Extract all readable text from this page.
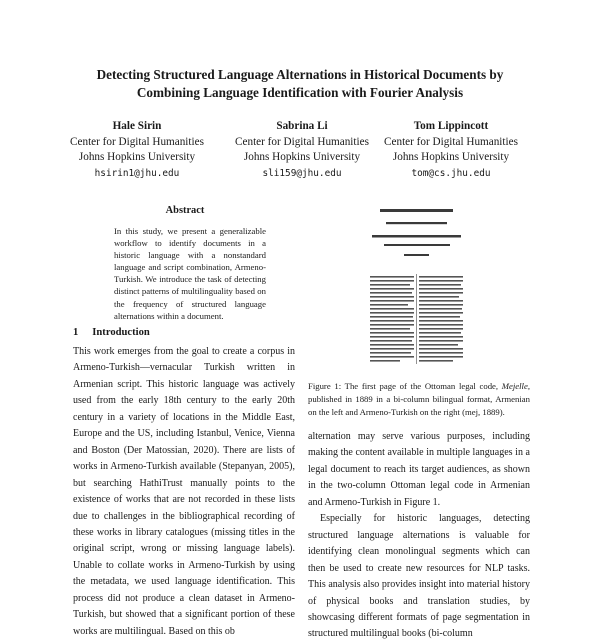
Detecting Structured Language Alternations in Historical Documents by
Combining Language Identification with Fourier Analysis
Hale Sirin
Center for Digital Humanities
Johns Hopkins University
hsirin1@jhu.edu
Sabrina Li
Center for Digital Humanities
Johns Hopkins University
sli159@jhu.edu
Tom Lippincott
Center for Digital Humanities
Johns Hopkins University
tom@cs.jhu.edu
Abstract
In this study, we present a generalizable workflow to identify documents in a historic language with a nonstandard language and script combination, Armeno-Turkish. We introduce the task of detecting distinct patterns of multilinguality based on the frequency of structured language alternations within a document.
1 Introduction
This work emerges from the goal to create a corpus in Armeno-Turkish—vernacular Turkish written in Armenian script. This historic language was actively used from the early 18th century to the early 20th century in a variety of locations in the Middle East, Europe and the US, including Istanbul, Venice, Vienna and Boston (Der Matossian, 2020). There are lists of works in Armeno-Turkish available (Stepanyan, 2005), but searching HathiTrust manually points to the existence of works that are not recorded in these lists due to challenges in the bibliographical recording of these works in library catalogues (missing titles in the original script, wrong or missing language labels). Unable to collate works in Armeno-Turkish by using the metadata, we used language identification. This process did not produce a clean dataset in Armeno-Turkish, but showed that a significant portion of these works are multilingual. Based on this ob
Figure 1: The first page of the Ottoman legal code, Mejelle, published in 1889 in a bi-column bilingual format, Armenian on the left and Armeno-Turkish on the right (mej, 1889).

alternation may serve various purposes, including making the content available in multiple languages in a legal document to reach its target audiences, as shown in the two-column Ottoman legal code in Armenian and Armeno-Turkish in Figure 1.

Especially for historic languages, detecting structured language alternations is valuable for identifying clean monolingual segments which can then be used to create new resources for NLP tasks. This analysis also provides insight into material history of physical books and translation studies, by showcasing different formats of page segmentation in structured multilingual books (bi-column
